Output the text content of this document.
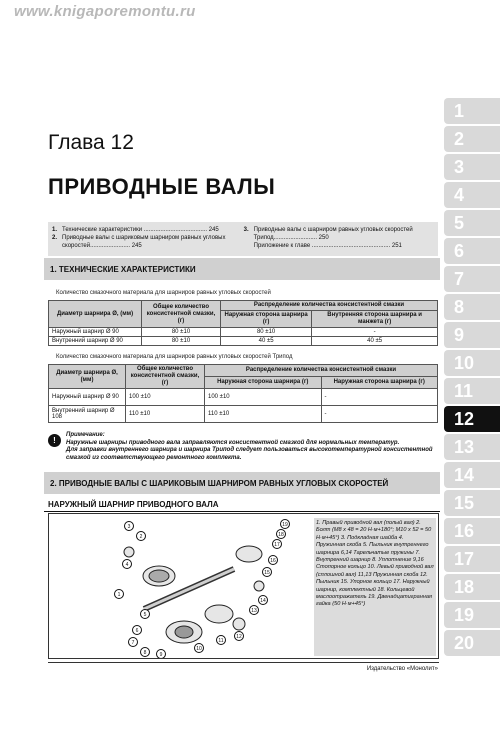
www.knigaporemontu.ru
1
2
3
4
5
6
7
8
9
10
11
12
13
14
15
16
17
18
19
20
Глава 12
ПРИВОДНЫЕ ВАЛЫ
1. Технические характеристики ...................................... 245
2. Приводные валы с шариковым шарниром равных угловых скоростей........................ 245

3. Приводные валы с шарниром равных угловых скоростей Трипод.......................... 250
Приложение к главе ............................................... 251
1. ТЕХНИЧЕСКИЕ ХАРАКТЕРИСТИКИ
Количество смазочного материала для шарниров равных угловых скоростей
Диаметр шарнира Ø, (мм)	Общее количество консистентной смазки, (г)	Распределение количества консистентной смазки	
		Наружная сторона шарнира (г)	Внутренняя сторона шарнира и манжета (г)
Наружный шарнир Ø 90	80 ±10	80 ±10	-
Внутренний шарнир Ø 90	80 ±10	40 ±5	40 ±5
Количество смазочного материала для шарниров равных угловых скоростей Трипод
Диаметр шарнира Ø, (мм)	Общее количество консистентной смазки, (г)	Распределение количества консистентной смазки	
		Наружная сторона шарнира (г)	Наружная сторона шарнира (г)
Наружный шарнир Ø 90	100 ±10	100 ±10	-
Внутренний шарнир Ø 108	110 ±10	110 ±10	-
!
Примечание:
Наружные шарниры приводного вала заправляются консистентной смазкой для нормальных температур.
Для заправки внутреннего шарнира и шарнира Трипод следует пользоваться высокотемпературной консистентной смазкой из соответствующего ремонтного комплекта.
2. ПРИВОДНЫЕ ВАЛЫ С ШАРИКОВЫМ ШАРНИРОМ РАВНЫХ УГЛОВЫХ СКОРОСТЕЙ
НАРУЖНЫЙ ШАРНИР ПРИВОДНОГО ВАЛА
1
2
3
4
5
6
7
8	9
10
11
12
13
14
15
16
17
18
19	1. Правый приводной вал (полый вал) 2. Болт (М8 х 48 = 20 Н·м+180°; М10 х 52 = 50 Н·м+45°) 3. Подкладная шайба 4. Пружинная скоба 5. Пыльник внутреннего шарнира 6,14 Тарельчатые пружины 7. Внутренний шарнир 8. Уплотнение 9,16 Стопорное кольцо 10. Левый приводной вал (сплошной вал) 11,13 Пружинная скоба 12. Пыльник 15. Упорное кольцо 17. Наружный шарнир, комплектный 18. Кольцевой маслоотражатель 19. Двенадцатигранная гайка (50 Н·м+45°)
Издательство «Монолит»
